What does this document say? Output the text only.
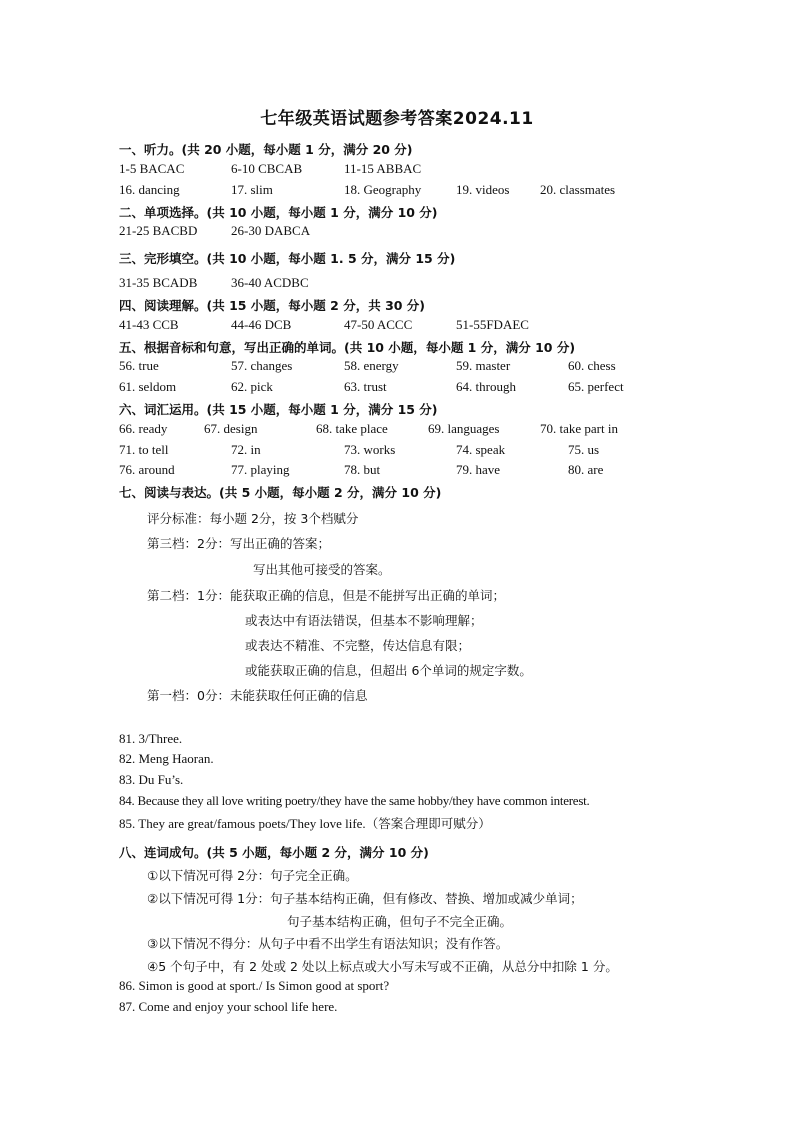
七年级英语试题参考答案2024.11
一、听力。(共 20 小题，每小题 1 分，满分 20 分)
1-5 BACAC	6-10 CBCAB	11-15 ABBAC
16. dancing	17. slim	18. Geography	19. videos 20. classmates
二、单项选择。(共 10 小题，每小题 1 分，满分 10 分)
21-25 BACBD	26-30 DABCA
三、完形填空。(共 10 小题，每小题 1. 5 分，满分 15 分)
31-35 BCADB	36-40 ACDBC
四、阅读理解。(共 15 小题，每小题 2 分，共 30 分)
41-43 CCB	44-46 DCB	47-50 ACCC	51-55FDAEC
五、根据音标和句意，写出正确的单词。(共 10 小题，每小题 1 分，满分 10 分)
56. true	57. changes	58. energy	59. master	60. chess
61. seldom	62. pick	63. trust	64. through	65. perfect
六、词汇运用。(共 15 小题，每小题 1 分，满分 15 分)
66. ready	67. design	68. take place	69. languages	70. take part in
71. to tell	72. in	73. works	74. speak	75. us
76. around	77. playing	78. but	79. have	80. are
七、阅读与表达。(共 5 小题，每小题 2 分，满分 10 分)
评分标准：每小题 2分，按 3个档赋分
第三档：2分：写出正确的答案；
写出其他可接受的答案。
第二档：1分：能获取正确的信息，但是不能拼写出正确的单词；
或表达中有语法错误，但基本不影响理解；
或表达不精准、不完整，传达信息有限；
或能获取正确的信息，但超出 6个单词的规定字数。
第一档：0分：未能获取任何正确的信息
81. 3/Three.
82. Meng Haoran.
83. Du Fu’s.
84. Because they all love writing poetry/they have the same hobby/they have common interest.
85. They are great/famous poets/They love life.（答案合理即可赋分）
八、连词成句。(共 5 小题，每小题 2 分，满分 10 分)
①以下情况可得 2分：句子完全正确。
②以下情况可得 1分：句子基本结构正确，但有修改、替换、增加或减少单词；
句子基本结构正确，但句子不完全正确。
③以下情况不得分：从句子中看不出学生有语法知识；没有作答。
④5 个句子中，有 2 处或 2 处以上标点或大小写未写或不正确，从总分中扣除 1 分。
86. Simon is good at sport./ Is Simon good at sport?
87. Come and enjoy your school life here.
